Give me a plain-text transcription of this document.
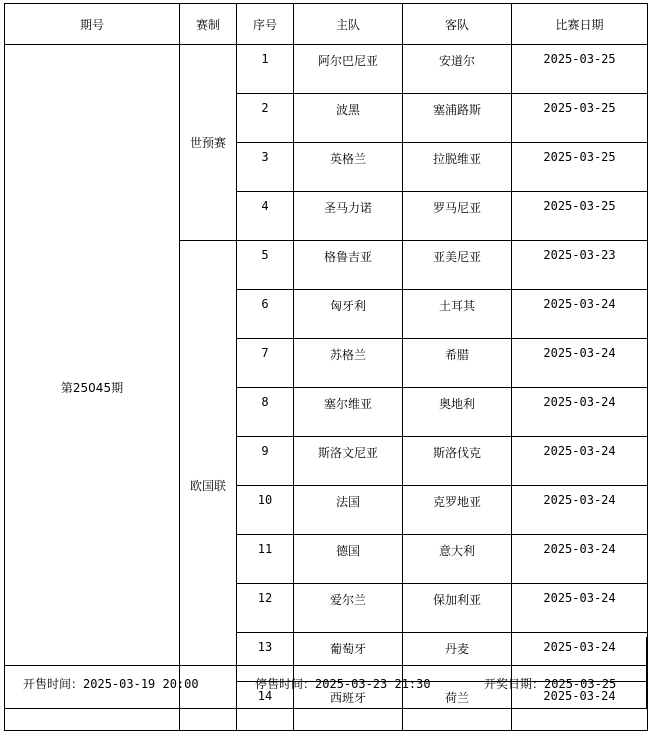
期号	赛制	序号	主队	客队	比赛日期
第25045期	世预赛	1	阿尔巴尼亚	安道尔	2025-03-25
		2	波黑	塞浦路斯	2025-03-25
		3	英格兰	拉脱维亚	2025-03-25
		4	圣马力诺	罗马尼亚	2025-03-25
	欧国联	5	格鲁吉亚	亚美尼亚	2025-03-23
		6	匈牙利	土耳其	2025-03-24
		7	苏格兰	希腊	2025-03-24
		8	塞尔维亚	奥地利	2025-03-24
		9	斯洛文尼亚	斯洛伐克	2025-03-24
		10	法国	克罗地亚	2025-03-24
		11	德国	意大利	2025-03-24
		12	爱尔兰	保加利亚	2025-03-24
		13	葡萄牙	丹麦	2025-03-24
		14	西班牙	荷兰	2025-03-24
开售时间：2025-03-19 20:00	停售时间：2025-03-23 21:30	开奖日期：2025-03-25
